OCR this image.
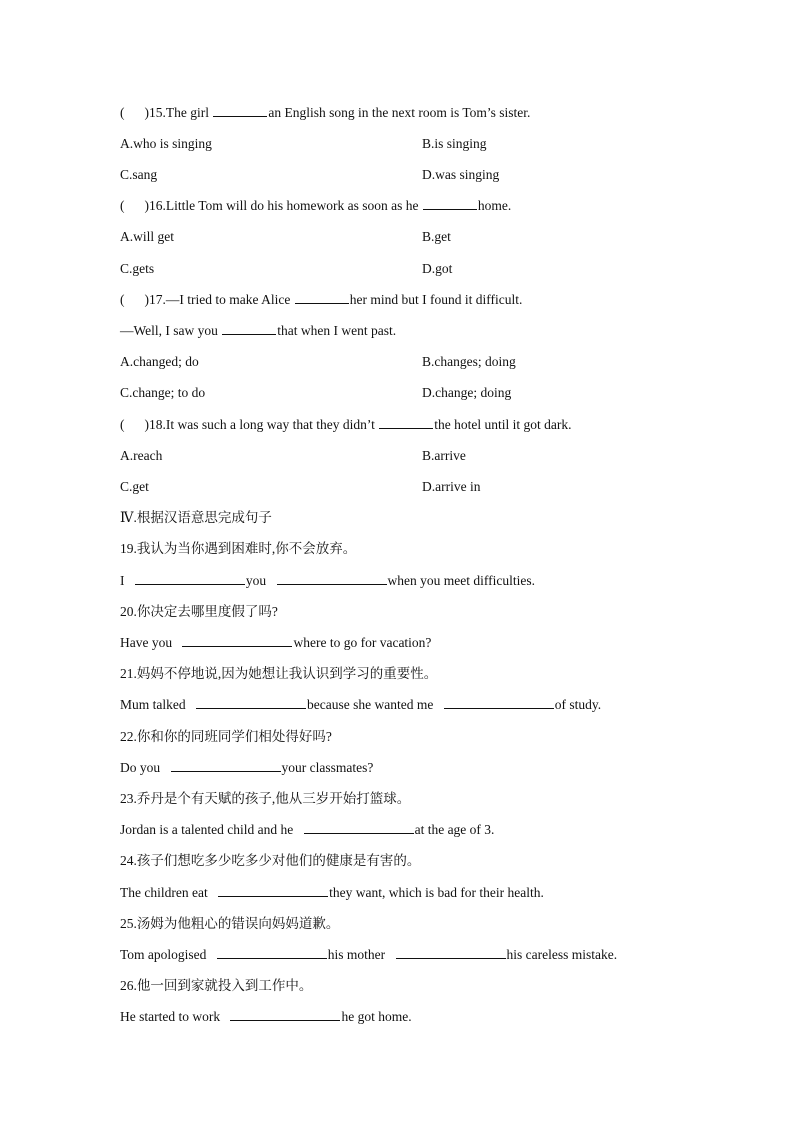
( )15.The girl	an English song in the next room is Tom’s sister.
A.who is singing	B.is singing
C.sang	D.was singing
( )16.Little Tom will do his homework as soon as he	home.
A.will get	B.get
C.gets	D.got
( )17.—I tried to make Alice	her mind but I found it difficult.
—Well, I saw you	that when I went past.
A.changed; do	B.changes; doing
C.change; to do	D.change; doing
( )18.It was such a long way that they didn’t	the hotel until it got dark.
A.reach	B.arrive
C.get	D.arrive in
Ⅳ.根据汉语意思完成句子
19.我认为当你遇到困难时,你不会放弃。
I	you	when you meet difficulties.
20.你决定去哪里度假了吗?
Have you	where to go for vacation?
21.妈妈不停地说,因为她想让我认识到学习的重要性。
Mum talked	because she wanted me	of study.
22.你和你的同班同学们相处得好吗?
Do you	your classmates?
23.乔丹是个有天赋的孩子,他从三岁开始打篮球。
Jordan is a talented child and he	at the age of 3.
24.孩子们想吃多少吃多少对他们的健康是有害的。
The children eat	they want, which is bad for their health.
25.汤姆为他粗心的错误向妈妈道歉。
Tom apologised	his mother	his careless mistake.
26.他一回到家就投入到工作中。
He started to work	he got home.
